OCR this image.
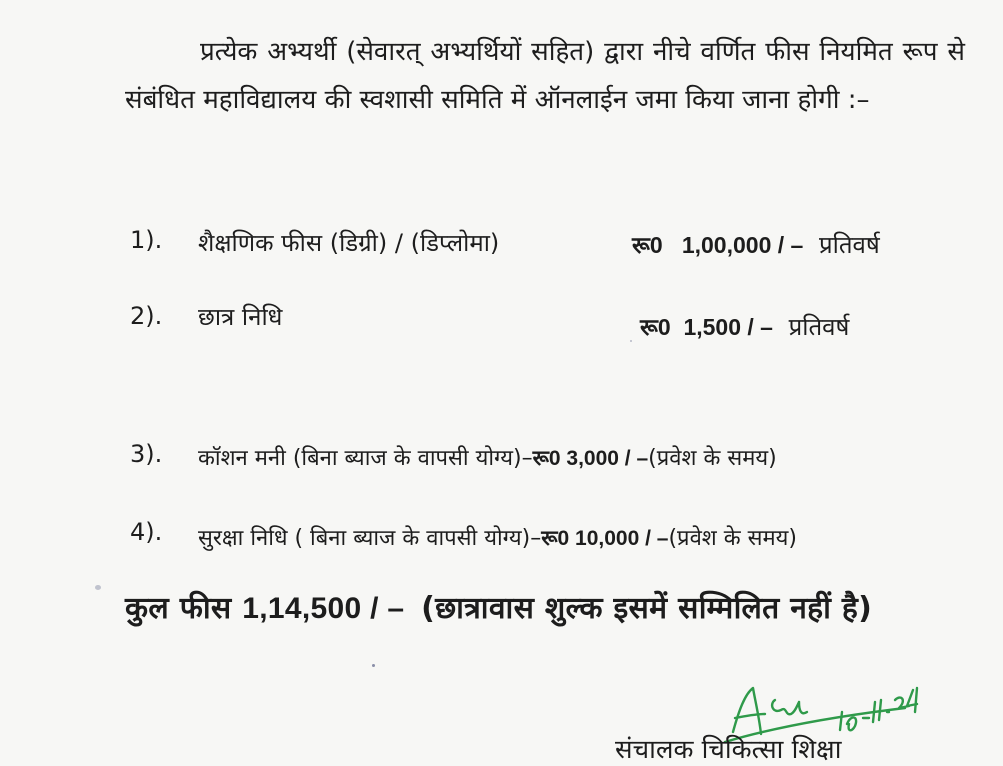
प्रत्येक अभ्यर्थी (सेवारत् अभ्यर्थियों सहित) द्वारा नीचे वर्णित फीस नियमित रूप से संबंधित महाविद्यालय की स्वशासी समिति में ऑनलाईन जमा किया जाना होगी :–
1). शैक्षणिक फीस (डिग्री) / (डिप्लोमा)	रू0   1,00,000 / – प्रतिवर्ष
2). छात्र निधि	रू0  1,500 / – प्रतिवर्ष
3). कॉशन मनी (बिना ब्याज के वापसी योग्य)–रू0 3,000 / –(प्रवेश के समय)
4). सुरक्षा निधि ( बिना ब्याज के वापसी योग्य)–रू0 10,000 / –(प्रवेश के समय)
कुल फीस 1,14,500 / – (छात्रावास शुल्क इसमें सम्मिलित नहीं है)
संचालक चिकित्सा शिक्षा
